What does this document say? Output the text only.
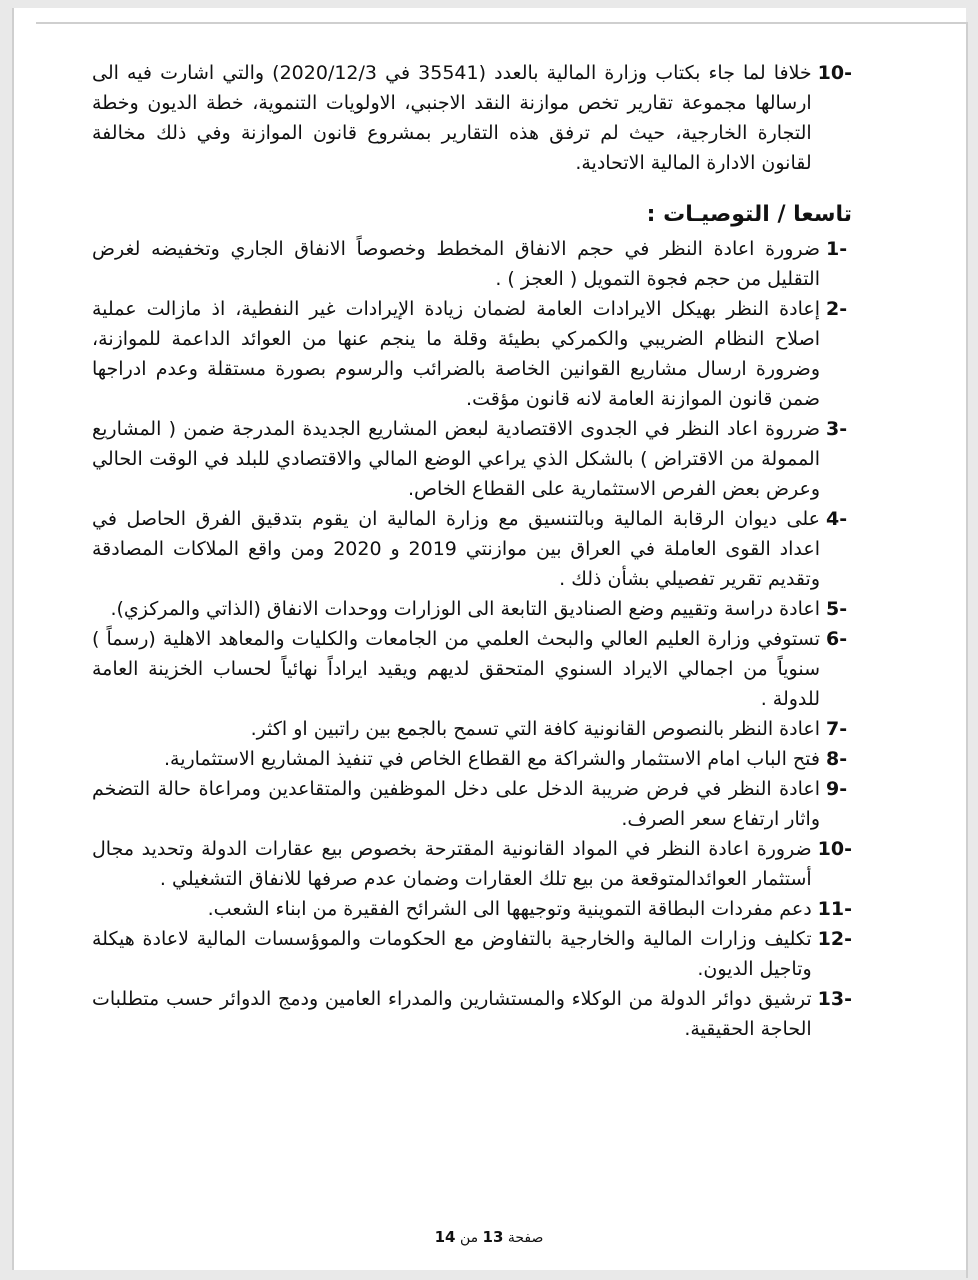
10-
خلافا لما جاء بكتاب وزارة المالية بالعدد (35541 في 2020/12/3) والتي اشارت فيه الى ارسالها مجموعة تقارير تخص موازنة النقد الاجنبي، الاولويات التنموية، خطة الديون وخطة التجارة الخارجية، حيث لم ترفق هذه التقارير بمشروع قانون الموازنة وفي ذلك مخالفة لقانون الادارة المالية الاتحادية.
تاسعا / التوصيـات :
1-
ضرورة اعادة النظر في حجم الانفاق المخطط وخصوصاً الانفاق الجاري وتخفيضه لغرض التقليل من حجم فجوة التمويل ( العجز ) .
2-
إعادة النظر بهيكل الايرادات العامة لضمان زيادة الإيرادات غير النفطية، اذ مازالت عملية اصلاح النظام الضريبي والكمركي بطيئة وقلة ما ينجم عنها من العوائد الداعمة للموازنة، وضرورة ارسال مشاريع القوانين الخاصة بالضرائب والرسوم بصورة مستقلة وعدم ادراجها ضمن قانون الموازنة العامة لانه قانون مؤقت.
3-
ضرروة اعاد النظر في الجدوى الاقتصادية لبعض المشاريع الجديدة المدرجة ضمن ( المشاريع الممولة من الاقتراض ) بالشكل الذي يراعي الوضع المالي والاقتصادي للبلد في الوقت الحالي وعرض بعض الفرص الاستثمارية على القطاع الخاص.
4-
على ديوان الرقابة المالية وبالتنسيق مع وزارة المالية ان يقوم بتدقيق الفرق الحاصل في اعداد القوى العاملة في العراق بين موازنتي 2019 و 2020 ومن واقع الملاكات المصادقة وتقديم تقرير تفصيلي بشأن ذلك .
5-
اعادة دراسة وتقييم وضع الصناديق التابعة الى الوزارات ووحدات الانفاق (الذاتي والمركزي).
6-
تستوفي وزارة العليم العالي والبحث العلمي من الجامعات والكليات والمعاهد الاهلية (رسماً ) سنوياً من اجمالي الايراد السنوي المتحقق لديهم ويقيد ايراداً نهائياً لحساب الخزينة العامة للدولة .
7-
اعادة النظر بالنصوص القانونية كافة التي تسمح بالجمع بين راتبين او اكثر.
8-
فتح الباب امام الاستثمار والشراكة مع القطاع الخاص في تنفيذ المشاريع الاستثمارية.
9-
اعادة النظر في فرض ضريبة الدخل على دخل الموظفين والمتقاعدين ومراعاة حالة التضخم واثار ارتفاع سعر الصرف.
10-
ضرورة اعادة النظر في المواد القانونية المقترحة بخصوص بيع عقارات الدولة وتحديد مجال أستثمار العوائدالمتوقعة من بيع تلك العقارات وضمان عدم صرفها للانفاق التشغيلي .
11-
دعم مفردات البطاقة التموينية وتوجيهها الى الشرائح الفقيرة من ابناء الشعب.
12-
تكليف وزارات المالية والخارجية بالتفاوض مع الحكومات والموؤسسات المالية لاعادة هيكلة وتاجيل الديون.
13-
ترشيق دوائر الدولة من الوكلاء والمستشارين والمدراء العامين ودمج الدوائر حسب متطلبات الحاجة الحقيقية.
صفحة 13 من 14
